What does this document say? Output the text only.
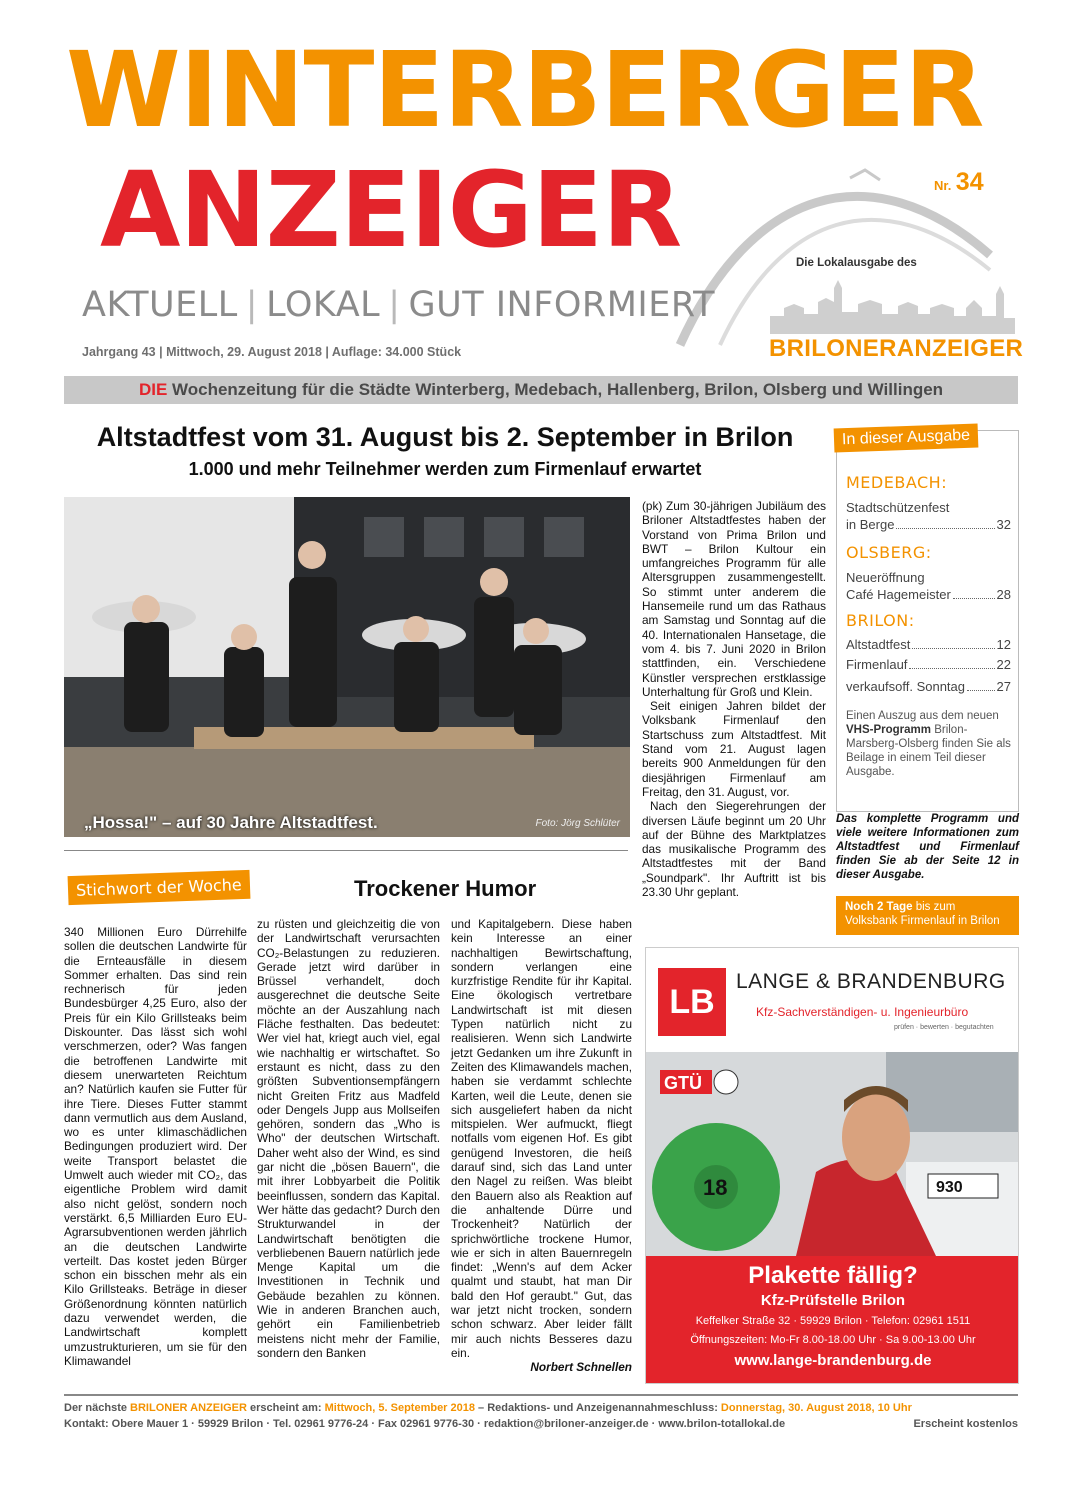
WINTERBERGER
ANZEIGER	Nr. 34
AKTUELL | LOKAL | GUT INFORMIERT
Jahrgang 43 | Mittwoch, 29. August 2018 | Auflage: 34.000 Stück
Die Lokalausgabe des
BRILONERANZEIGER
DIE Wochenzeitung für die Städte Winterberg, Medebach, Hallenberg, Brilon, Olsberg und Willingen
Altstadtfest vom 31. August bis 2. September in Brilon
1.000 und mehr Teilnehmer werden zum Firmenlauf erwartet
„Hossa!" – auf 30 Jahre Altstadtfest.	Foto: Jörg Schlüter

(pk) Zum 30-jährigen Jubiläum des Briloner Altstadtfestes haben der Vorstand von Prima Brilon und BWT – Brilon Kultour ein umfangreiches Programm für alle Altersgruppen zusammengestellt. So stimmt unter anderem die Hansemeile rund um das Rathaus am Samstag und Sonntag auf die 40. Internationalen Hansetage, die vom 4. bis 7. Juni 2020 in Brilon stattfinden, ein. Verschiedene Künstler versprechen erstklassige Unterhaltung für Groß und Klein.

Seit einigen Jahren bildet der Volksbank Firmenlauf den Startschuss zum Altstadtfest. Mit Stand vom 21. August lagen bereits 900 Anmeldungen für den diesjährigen Firmenlauf am Freitag, den 31. August, vor.

Nach den Siegerehrungen der diversen Läufe beginnt um 20 Uhr auf der Bühne des Marktplatzes das musikalische Programm des Altstadtfestes mit der Band „Soundpark". Ihr Auftritt ist bis 23.30 Uhr geplant.

In dieser Ausgabe
MEDEBACH:
Stadtschützenfest
in Berge	32
OLSBERG:
Neueröffnung
Café Hagemeister	28
BRILON:
Altstadtfest	12
Firmenlauf	22
verkaufsoff. Sonntag 27
Einen Auszug aus dem neuen VHS-Programm Brilon-Marsberg-Olsberg finden Sie als Beilage in einem Teil dieser Ausgabe.
Das komplette Programm und viele weitere Informationen zum Altstadtfest und Firmenlauf finden Sie ab der Seite 12 in dieser Ausgabe.
Noch 2 Tage bis zum Volksbank Firmenlauf in Brilon
Stichwort der Woche	Trockener Humor
340 Millionen Euro Dürrehilfe sollen die deutschen Landwirte für die Ernteausfälle in diesem Sommer erhalten. Das sind rein rechnerisch für jeden Bundesbürger 4,25 Euro, also der Preis für ein Kilo Grillsteaks beim Diskounter. Das lässt sich wohl verschmerzen, oder? Was fangen die betroffenen Landwirte mit diesem unerwarteten Reichtum an? Natürlich kaufen sie Futter für ihre Tiere. Dieses Futter stammt dann vermutlich aus dem Ausland, wo es unter klimaschädlichen Bedingungen produziert wird. Der weite Transport belastet die Umwelt auch wieder mit CO₂, das eigentliche Problem wird damit also nicht gelöst, sondern noch verstärkt. 6,5 Milliarden Euro EU-Agrarsubventionen werden jährlich an die deutschen Landwirte verteilt. Das kostet jeden Bürger schon ein bisschen mehr als ein Kilo Grillsteaks. Beträge in dieser Größenordnung könnten natürlich dazu verwendet werden, die Landwirtschaft komplett umzustrukturieren, um sie für den Klimawandel
zu rüsten und gleichzeitig die von der Landwirtschaft verursachten CO₂-Belastungen zu reduzieren. Gerade jetzt wird darüber in Brüssel verhandelt, doch ausgerechnet die deutsche Seite möchte an der Auszahlung nach Fläche festhalten. Das bedeutet: Wer viel hat, kriegt auch viel, egal wie nachhaltig er wirtschaftet. So erstaunt es nicht, dass zu den größten Subventionsempfängern nicht Greiten Fritz aus Madfeld oder Dengels Jupp aus Mollseifen gehören, sondern das „Who is Who" der deutschen Wirtschaft. Daher weht also der Wind, es sind gar nicht die „bösen Bauern", die mit ihrer Lobbyarbeit die Politik beeinflussen, sondern das Kapital. Wer hätte das gedacht? Durch den Strukturwandel in der Landwirtschaft benötigten die verbliebenen Bauern natürlich jede Menge Kapital um die Investitionen in Technik und Gebäude bezahlen zu können. Wie in anderen Branchen auch, gehört ein Familienbetrieb meistens nicht mehr der Familie, sondern den Banken

und Kapitalgebern. Diese haben kein Interesse an einer nachhaltigen Bewirtschaftung, sondern verlangen eine kurzfristige Rendite für ihr Kapital. Eine ökologisch vertretbare Landwirtschaft ist mit diesen Typen natürlich nicht zu realisieren. Wenn sich Landwirte jetzt Gedanken um ihre Zukunft in Zeiten des Klimawandels machen, haben sie verdammt schlechte Karten, weil die Leute, denen sie sich ausgeliefert haben da nicht mitspielen. Wer aufmuckt, fliegt notfalls vom eigenen Hof. Es gibt genügend Investoren, die heiß darauf sind, sich das Land unter den Nagel zu reißen. Was bleibt den Bauern also als Reaktion auf die anhaltende Dürre und Trockenheit? Natürlich der sprichwörtliche trockene Humor, wie er sich in alten Bauernregeln findet: „Wenn's auf dem Acker qualmt und staubt, hat man Dir bald den Hof geraubt." Gut, das war jetzt nicht trocken, sondern schon schwarz. Aber leider fällt mir auch nichts Besseres dazu ein.

Norbert Schnellen

LB
LANGE & BRANDENBURG
Kfz-Sachverständigen- u. Ingenieurbüro
prüfen · bewerten · begutachten
930
GTÜ
18
Plakette fällig?
Kfz-Prüfstelle Brilon
Keffelker Straße 32 · 59929 Brilon · Telefon: 02961 1511
Öffnungszeiten: Mo-Fr 8.00-18.00 Uhr · Sa 9.00-13.00 Uhr
www.lange-brandenburg.de
Der nächste BRILONER ANZEIGER erscheint am: Mittwoch, 5. September 2018 – Redaktions- und Anzeigenannahmeschluss: Donnerstag, 30. August 2018, 10 Uhr
Kontakt: Obere Mauer 1 · 59929 Brilon · Tel. 02961 9776-24 · Fax 02961 9776-30 · redaktion@briloner-anzeiger.de · www.brilon-totallokal.de	Erscheint kostenlos
